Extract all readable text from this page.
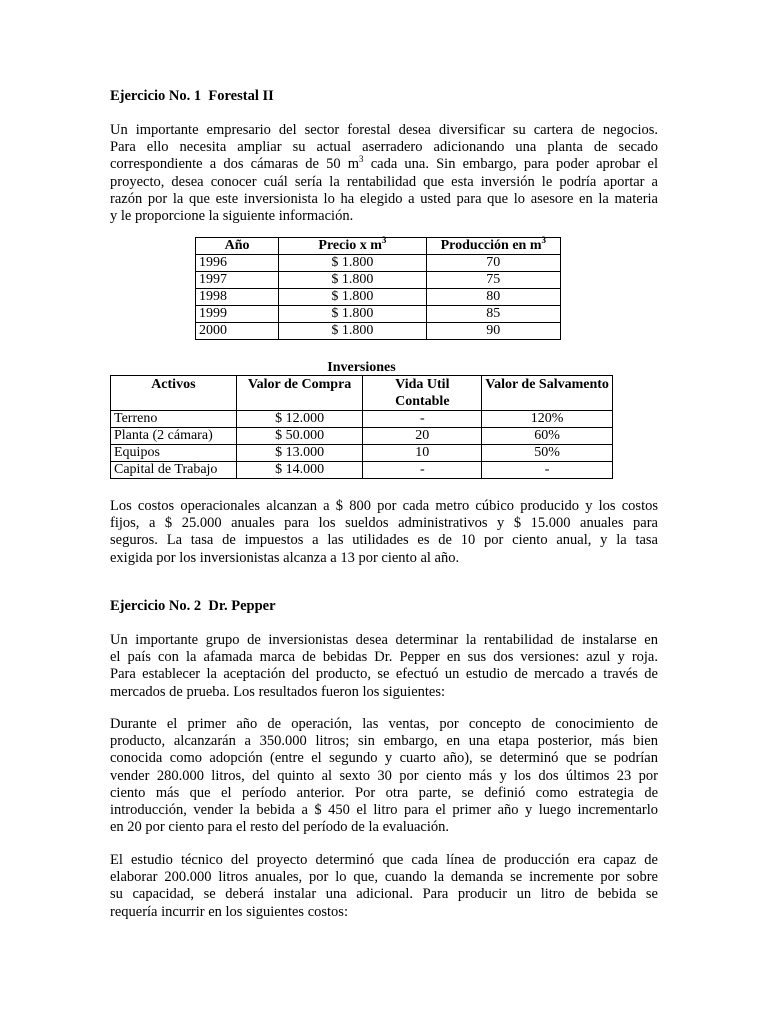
Ejercicio No. 1  Forestal II
Un importante empresario del sector forestal desea diversificar su cartera de negocios.
Para ello necesita ampliar su actual aserradero adicionando una planta de secado
correspondiente a dos cámaras de 50 $m^3$ cada una. Sin embargo, para poder aprobar el
proyecto, desea conocer cuál sería la rentabilidad que esta inversión le podría aportar a
razón por la que este inversionista lo ha elegido a usted para que lo asesore en la materia
y le proporcione la siguiente información.
Año	Precio x $m^3$	Producción en $m^3$
1996	$ 1.800	70
1997	$ 1.800	75
1998	$ 1.800	80
1999	$ 1.800	85
2000	$ 1.800	90
Inversiones
Activos	Valor de Compra	Vida Util Contable	Valor de Salvamento
Terreno	$ 12.000	-	120%
Planta (2 cámara)	$ 50.000	20	60%
Equipos	$ 13.000	10	50%
Capital de Trabajo	$ 14.000	-	-
Los costos operacionales alcanzan a $ 800 por cada metro cúbico producido y los costos
fijos, a $ 25.000 anuales para los sueldos administrativos y $ 15.000 anuales para
seguros. La tasa de impuestos a las utilidades es de 10 por ciento anual, y la tasa
exigida por los inversionistas alcanza a 13 por ciento al año.
Ejercicio No. 2  Dr. Pepper
Un importante grupo de inversionistas desea determinar la rentabilidad de instalarse en
el país con la afamada marca de bebidas Dr. Pepper en sus dos versiones: azul y roja.
Para establecer la aceptación del producto, se efectuó un estudio de mercado a través de
mercados de prueba. Los resultados fueron los siguientes:
Durante el primer año de operación, las ventas, por concepto de conocimiento de
producto, alcanzarán a 350.000 litros; sin embargo, en una etapa posterior, más bien
conocida como adopción (entre el segundo y cuarto año), se determinó que se podrían
vender 280.000 litros, del quinto al sexto 30 por ciento más y los dos últimos 23 por
ciento más que el período anterior. Por otra parte, se definió como estrategia de
introducción, vender la bebida a $ 450 el litro para el primer año y luego incrementarlo
en 20 por ciento para el resto del período de la evaluación.
El estudio técnico del proyecto determinó que cada línea de producción era capaz de
elaborar 200.000 litros anuales, por lo que, cuando la demanda se incremente por sobre
su capacidad, se deberá instalar una adicional. Para producir un litro de bebida se
requería incurrir en los siguientes costos:
